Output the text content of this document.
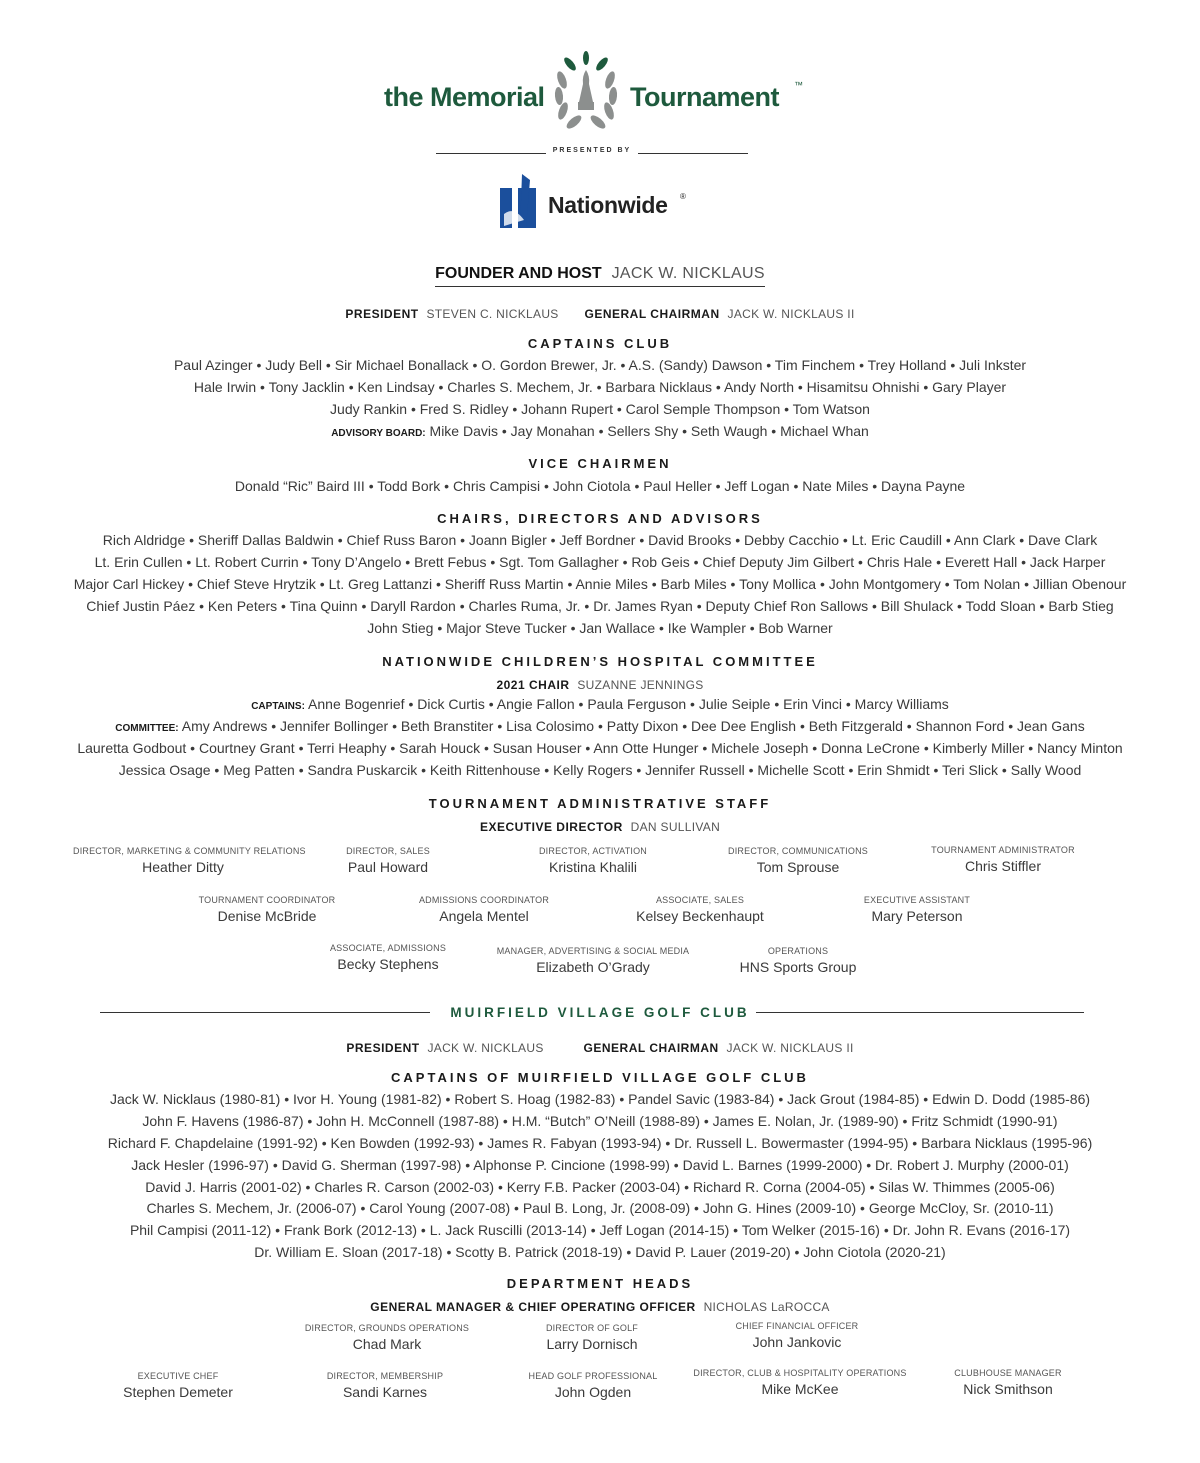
the Memorial	Tournament ™
PRESENTED BY
Nationwide ®
FOUNDER AND HOST JACK W. NICKLAUS
PRESIDENT STEVEN C. NICKLAUS GENERAL CHAIRMAN JACK W. NICKLAUS II
CAPTAINS CLUB
Paul Azinger • Judy Bell • Sir Michael Bonallack • O. Gordon Brewer, Jr. • A.S. (Sandy) Dawson • Tim Finchem • Trey Holland • Juli Inkster
Hale Irwin • Tony Jacklin • Ken Lindsay • Charles S. Mechem, Jr. • Barbara Nicklaus • Andy North • Hisamitsu Ohnishi • Gary Player
Judy Rankin • Fred S. Ridley • Johann Rupert • Carol Semple Thompson • Tom Watson
ADVISORY BOARD: Mike Davis • Jay Monahan • Sellers Shy • Seth Waugh • Michael Whan
VICE CHAIRMEN
Donald “Ric” Baird III • Todd Bork • Chris Campisi • John Ciotola • Paul Heller • Jeff Logan • Nate Miles • Dayna Payne
CHAIRS, DIRECTORS AND ADVISORS
Rich Aldridge • Sheriff Dallas Baldwin • Chief Russ Baron • Joann Bigler • Jeff Bordner • David Brooks • Debby Cacchio • Lt. Eric Caudill • Ann Clark • Dave Clark
Lt. Erin Cullen • Lt. Robert Currin • Tony D’Angelo • Brett Febus • Sgt. Tom Gallagher • Rob Geis • Chief Deputy Jim Gilbert • Chris Hale • Everett Hall • Jack Harper
Major Carl Hickey • Chief Steve Hrytzik • Lt. Greg Lattanzi • Sheriff Russ Martin • Annie Miles • Barb Miles • Tony Mollica • John Montgomery • Tom Nolan • Jillian Obenour
Chief Justin Páez • Ken Peters • Tina Quinn • Daryll Rardon • Charles Ruma, Jr. • Dr. James Ryan • Deputy Chief Ron Sallows • Bill Shulack • Todd Sloan • Barb Stieg
John Stieg • Major Steve Tucker • Jan Wallace • Ike Wampler • Bob Warner
NATIONWIDE CHILDREN’S HOSPITAL COMMITTEE
2021 CHAIR SUZANNE JENNINGS
CAPTAINS: Anne Bogenrief • Dick Curtis • Angie Fallon • Paula Ferguson • Julie Seiple • Erin Vinci • Marcy Williams
COMMITTEE: Amy Andrews • Jennifer Bollinger • Beth Branstiter • Lisa Colosimo • Patty Dixon • Dee Dee English • Beth Fitzgerald • Shannon Ford • Jean Gans
Lauretta Godbout • Courtney Grant • Terri Heaphy • Sarah Houck • Susan Houser • Ann Otte Hunger • Michele Joseph • Donna LeCrone • Kimberly Miller • Nancy Minton
Jessica Osage • Meg Patten • Sandra Puskarcik • Keith Rittenhouse • Kelly Rogers • Jennifer Russell • Michelle Scott • Erin Shmidt • Teri Slick • Sally Wood
TOURNAMENT ADMINISTRATIVE STAFF
EXECUTIVE DIRECTOR DAN SULLIVAN
DIRECTOR, MARKETING & COMMUNITY RELATIONS
Heather Ditty
DIRECTOR, SALES
Paul Howard
DIRECTOR, ACTIVATION
Kristina Khalili
DIRECTOR, COMMUNICATIONS
Tom Sprouse
TOURNAMENT ADMINISTRATOR
Chris Stiffler
TOURNAMENT COORDINATOR
Denise McBride
ADMISSIONS COORDINATOR
Angela Mentel
ASSOCIATE, SALES
Kelsey Beckenhaupt
EXECUTIVE ASSISTANT
Mary Peterson
ASSOCIATE, ADMISSIONS
Becky Stephens
MANAGER, ADVERTISING & SOCIAL MEDIA
Elizabeth O’Grady
OPERATIONS
HNS Sports Group
MUIRFIELD VILLAGE GOLF CLUB
PRESIDENT JACK W. NICKLAUS	GENERAL CHAIRMAN JACK W. NICKLAUS II
CAPTAINS OF MUIRFIELD VILLAGE GOLF CLUB
Jack W. Nicklaus (1980-81) • Ivor H. Young (1981-82) • Robert S. Hoag (1982-83) • Pandel Savic (1983-84) • Jack Grout (1984-85) • Edwin D. Dodd (1985-86)
John F. Havens (1986-87) • John H. McConnell (1987-88) • H.M. “Butch” O’Neill (1988-89) • James E. Nolan, Jr. (1989-90) • Fritz Schmidt (1990-91)
Richard F. Chapdelaine (1991-92) • Ken Bowden (1992-93) • James R. Fabyan (1993-94) • Dr. Russell L. Bowermaster (1994-95) • Barbara Nicklaus (1995-96)
Jack Hesler (1996-97) • David G. Sherman (1997-98) • Alphonse P. Cincione (1998-99) • David L. Barnes (1999-2000) • Dr. Robert J. Murphy (2000-01)
David J. Harris (2001-02) • Charles R. Carson (2002-03) • Kerry F.B. Packer (2003-04) • Richard R. Corna (2004-05) • Silas W. Thimmes (2005-06)
Charles S. Mechem, Jr. (2006-07) • Carol Young (2007-08) • Paul B. Long, Jr. (2008-09) • John G. Hines (2009-10) • George McCloy, Sr. (2010-11)
Phil Campisi (2011-12) • Frank Bork (2012-13) • L. Jack Ruscilli (2013-14) • Jeff Logan (2014-15) • Tom Welker (2015-16) • Dr. John R. Evans (2016-17)
Dr. William E. Sloan (2017-18) • Scotty B. Patrick (2018-19) • David P. Lauer (2019-20) • John Ciotola (2020-21)
DEPARTMENT HEADS
GENERAL MANAGER & CHIEF OPERATING OFFICER NICHOLAS LaROCCA
DIRECTOR, GROUNDS OPERATIONS
Chad Mark
DIRECTOR OF GOLF
Larry Dornisch
CHIEF FINANCIAL OFFICER
John Jankovic
EXECUTIVE CHEF
Stephen Demeter
DIRECTOR, MEMBERSHIP
Sandi Karnes
HEAD GOLF PROFESSIONAL
John Ogden
DIRECTOR, CLUB & HOSPITALITY OPERATIONS
Mike McKee
CLUBHOUSE MANAGER
Nick Smithson
